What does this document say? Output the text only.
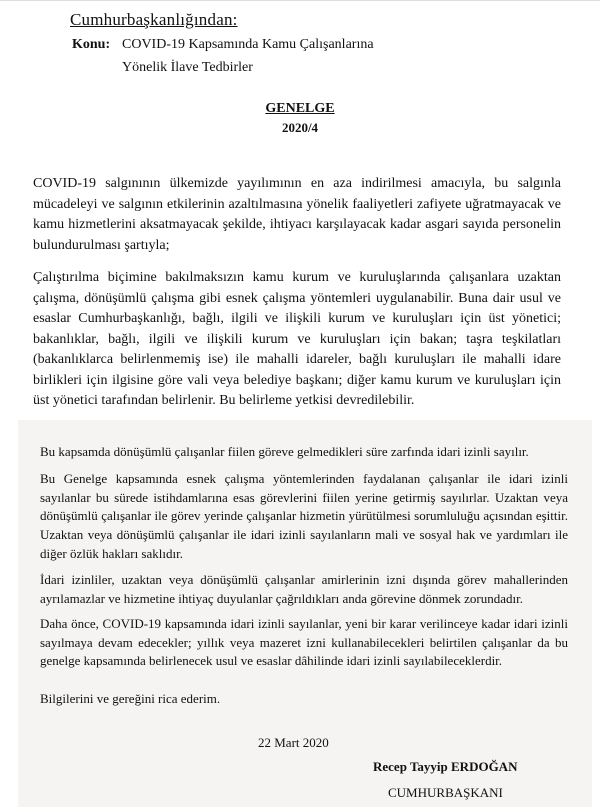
Cumhurbaşkanlığından:
Konu: COVID-19 Kapsamında Kamu Çalışanlarına
Yönelik İlave Tedbirler
GENELGE
2020/4

COVID-19 salgınının ülkemizde yayılımının en aza indirilmesi amacıyla, bu salgınla mücadeleyi ve salgının etkilerinin azaltılmasına yönelik faaliyetleri zafiyete uğratmayacak ve kamu hizmetlerini aksatmayacak şekilde, ihtiyacı karşılayacak kadar asgari sayıda personelin bulundurulması şartıyla;

Çalıştırılma biçimine bakılmaksızın kamu kurum ve kuruluşlarında çalışanlara uzaktan çalışma, dönüşümlü çalışma gibi esnek çalışma yöntemleri uygulanabilir. Buna dair usul ve esaslar Cumhurbaşkanlığı, bağlı, ilgili ve ilişkili kurum ve kuruluşları için üst yönetici; bakanlıklar, bağlı, ilgili ve ilişkili kurum ve kuruluşları için bakan; taşra teşkilatları (bakanlıklarca belirlenmemiş ise) ile mahalli idareler, bağlı kuruluşları ile mahalli idare birlikleri için ilgisine göre vali veya belediye başkanı; diğer kamu kurum ve kuruluşları için üst yönetici tarafından belirlenir. Bu belirleme yetkisi devredilebilir.

Bu kapsamda dönüşümlü çalışanlar fiilen göreve gelmedikleri süre zarfında idari izinli sayılır.

Bu Genelge kapsamında esnek çalışma yöntemlerinden faydalanan çalışanlar ile idari izinli sayılanlar bu sürede istihdamlarına esas görevlerini fiilen yerine getirmiş sayılırlar. Uzaktan veya dönüşümlü çalışanlar ile görev yerinde çalışanlar hizmetin yürütülmesi sorumluluğu açısından eşittir. Uzaktan veya dönüşümlü çalışanlar ile idari izinli sayılanların mali ve sosyal hak ve yardımları ile diğer özlük hakları saklıdır.

İdari izinliler, uzaktan veya dönüşümlü çalışanlar amirlerinin izni dışında görev mahallerinden ayrılamazlar ve hizmetine ihtiyaç duyulanlar çağrıldıkları anda görevine dönmek zorundadır.

Daha önce, COVID-19 kapsamında idari izinli sayılanlar, yeni bir karar verilinceye kadar idari izinli sayılmaya devam edecekler; yıllık veya mazeret izni kullanabilecekleri belirtilen çalışanlar da bu genelge kapsamında belirlenecek usul ve esaslar dâhilinde idari izinli sayılabileceklerdir.

Bilgilerini ve gereğini rica ederim.

22 Mart 2020
Recep Tayyip ERDOĞAN
CUMHURBAŞKANI
